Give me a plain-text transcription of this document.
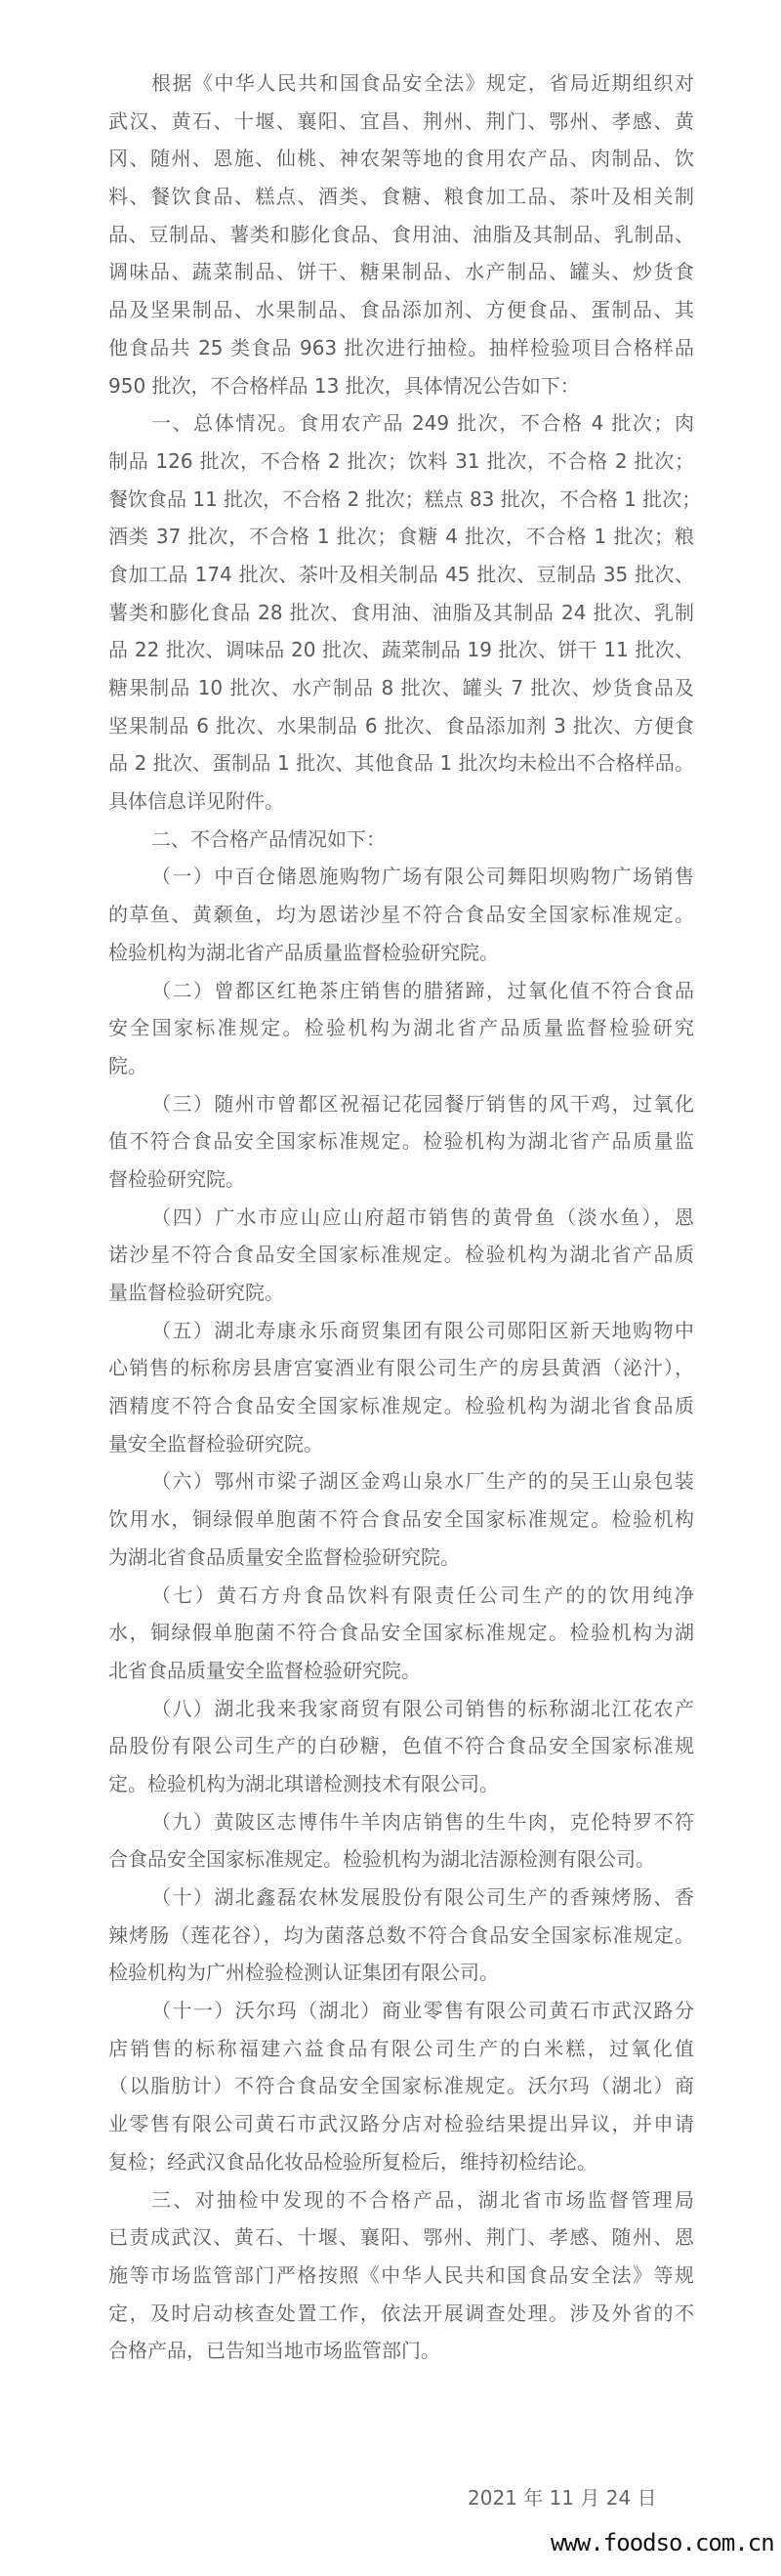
根据《中华人民共和国食品安全法》规定，省局近期组织对
武汉、黄石、十堰、襄阳、宜昌、荆州、荆门、鄂州、孝感、黄
冈、随州、恩施、仙桃、神农架等地的食用农产品、肉制品、饮
料、餐饮食品、糕点、酒类、食糖、粮食加工品、茶叶及相关制
品、豆制品、薯类和膨化食品、食用油、油脂及其制品、乳制品、
调味品、蔬菜制品、饼干、糖果制品、水产制品、罐头、炒货食
品及坚果制品、水果制品、食品添加剂、方便食品、蛋制品、其
他食品共 25 类食品 963 批次进行抽检。抽样检验项目合格样品
950 批次，不合格样品 13 批次，具体情况公告如下：
一、总体情况。食用农产品 249 批次，不合格 4 批次；肉
制品 126 批次，不合格 2 批次；饮料 31 批次，不合格 2 批次；
餐饮食品 11 批次，不合格 2 批次；糕点 83 批次，不合格 1 批次；
酒类 37 批次，不合格 1 批次；食糖 4 批次，不合格 1 批次；粮
食加工品 174 批次、茶叶及相关制品 45 批次、豆制品 35 批次、
薯类和膨化食品 28 批次、食用油、油脂及其制品 24 批次、乳制
品 22 批次、调味品 20 批次、蔬菜制品 19 批次、饼干 11 批次、
糖果制品 10 批次、水产制品 8 批次、罐头 7 批次、炒货食品及
坚果制品 6 批次、水果制品 6 批次、食品添加剂 3 批次、方便食
品 2 批次、蛋制品 1 批次、其他食品 1 批次均未检出不合格样品。
具体信息详见附件。
二、不合格产品情况如下：
（一）中百仓储恩施购物广场有限公司舞阳坝购物广场销售
的草鱼、黄颡鱼，均为恩诺沙星不符合食品安全国家标准规定。
检验机构为湖北省产品质量监督检验研究院。
（二）曾都区红艳茶庄销售的腊猪蹄，过氧化值不符合食品
安全国家标准规定。检验机构为湖北省产品质量监督检验研究
院。
（三）随州市曾都区祝福记花园餐厅销售的风干鸡，过氧化
值不符合食品安全国家标准规定。检验机构为湖北省产品质量监
督检验研究院。
（四）广水市应山应山府超市销售的黄骨鱼（淡水鱼），恩
诺沙星不符合食品安全国家标准规定。检验机构为湖北省产品质
量监督检验研究院。
（五）湖北寿康永乐商贸集团有限公司郧阳区新天地购物中
心销售的标称房县唐宫宴酒业有限公司生产的房县黄酒（泌汁），
酒精度不符合食品安全国家标准规定。检验机构为湖北省食品质
量安全监督检验研究院。
（六）鄂州市梁子湖区金鸡山泉水厂生产的的吴王山泉包装
饮用水，铜绿假单胞菌不符合食品安全国家标准规定。检验机构
为湖北省食品质量安全监督检验研究院。
（七）黄石方舟食品饮料有限责任公司生产的的饮用纯净
水，铜绿假单胞菌不符合食品安全国家标准规定。检验机构为湖
北省食品质量安全监督检验研究院。
（八）湖北我来我家商贸有限公司销售的标称湖北江花农产
品股份有限公司生产的白砂糖，色值不符合食品安全国家标准规
定。检验机构为湖北琪谱检测技术有限公司。
（九）黄陂区志博伟牛羊肉店销售的生牛肉，克伦特罗不符
合食品安全国家标准规定。检验机构为湖北洁源检测有限公司。
（十）湖北鑫磊农林发展股份有限公司生产的香辣烤肠、香
辣烤肠（莲花谷），均为菌落总数不符合食品安全国家标准规定。
检验机构为广州检验检测认证集团有限公司。
（十一）沃尔玛（湖北）商业零售有限公司黄石市武汉路分
店销售的标称福建六益食品有限公司生产的白米糕，过氧化值
（以脂肪计）不符合食品安全国家标准规定。沃尔玛（湖北）商
业零售有限公司黄石市武汉路分店对检验结果提出异议，并申请
复检；经武汉食品化妆品检验所复检后，维持初检结论。
三、对抽检中发现的不合格产品，湖北省市场监督管理局
已责成武汉、黄石、十堰、襄阳、鄂州、荆门、孝感、随州、恩
施等市场监管部门严格按照《中华人民共和国食品安全法》等规
定，及时启动核查处置工作，依法开展调查处理。涉及外省的不
合格产品，已告知当地市场监管部门。
2021 年 11 月 24 日
www.foodso.com.cn
